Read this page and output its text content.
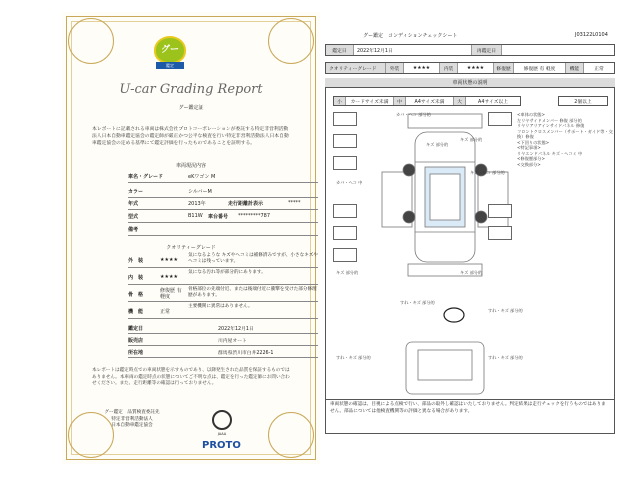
グー
鑑定
U-car Grading Report
グー鑑定証
本レポートに記載される車両は株式会社プロトコーポレーションが委託する特定非営利活動法人日本自動車鑑定協会の鑑定師が厳正かつ公平な検査を行い特定非営利活動法人日本自動車鑑定協会の定める基準にて鑑定評価を行ったものであることを証明する。
車両現況内容
車名・グレード	eKワゴン M
カラー	シルバーM
年式	2013年	走行距離計表示	*****
型式	B11W 車台番号 *********787
備考
クオリティーグレード
外　装	★★★★
気になるような キズやヘコミは補修済みですが、小さなキズや ヘコミは残っています。
内　装	★★★★
気になる汚れ等が部分的にあります。
骨　格
修復歴 有 軽度
骨格部位の先端付近、または後端付近に衝撃を受けた部分修理歴があります。
機　能	正常
主要機関に異常はありません。
鑑定日	2022年12月1日
販売店	川内屋オート
所在地	群馬県渋川市白井2226-1
本レポートは鑑定時点での車両状態を示すものであり、以降発生された品質を保証するものではありません。本車両の鑑定時点の状態についてご不明な点は、鑑定を行った鑑定師にお問い合わせください。また、走行距離等の確認は行っておりません。
グー鑑定　品質検査委託先
特定非営利活動法人
日本自動車鑑定協会
JAAA
PROTO
グー鑑定　コンディションチェックシート	J03122L0104
鑑定日	2022年12月1日	再鑑定日
クオリティーグレード	外装	★★★★	内装	★★★★	修復歴	修復歴 有 軽度	機能	正常
車両状態の説明
小	カードサイズ未満	中	A4サイズ未満	大	A4サイズ以上	2個以上
カバ・ヘコ 部分的
キズ 部分的
キズ 部分的
カバ・ヘコ 中
キズ・ヘコ 部分的
キズ 部分的	キズ 部分的
すれ・キズ 部分的
すれ・キズ 部分的	すれ・キズ 部分的
すれ・キズ 部分的
<車体の状態>
左リヤサイドメンバー 修復 部分的
リヤリアリアインサイドパネル 修復
フロントクロスメンバー（サポート・ガイド等・交換）修復
<下回りの状態>
<特記事項>
リヤエンドパネル キズ・ヘコミ 中
<修復歴部分>
<交換部分>
車両状態の確認は、目視による点検で行い、部品の取外し確認はいたしておりません。判定結果は走行チェックを行うものではありません。部品については他検査機関等の評価と異なる場合があります。
